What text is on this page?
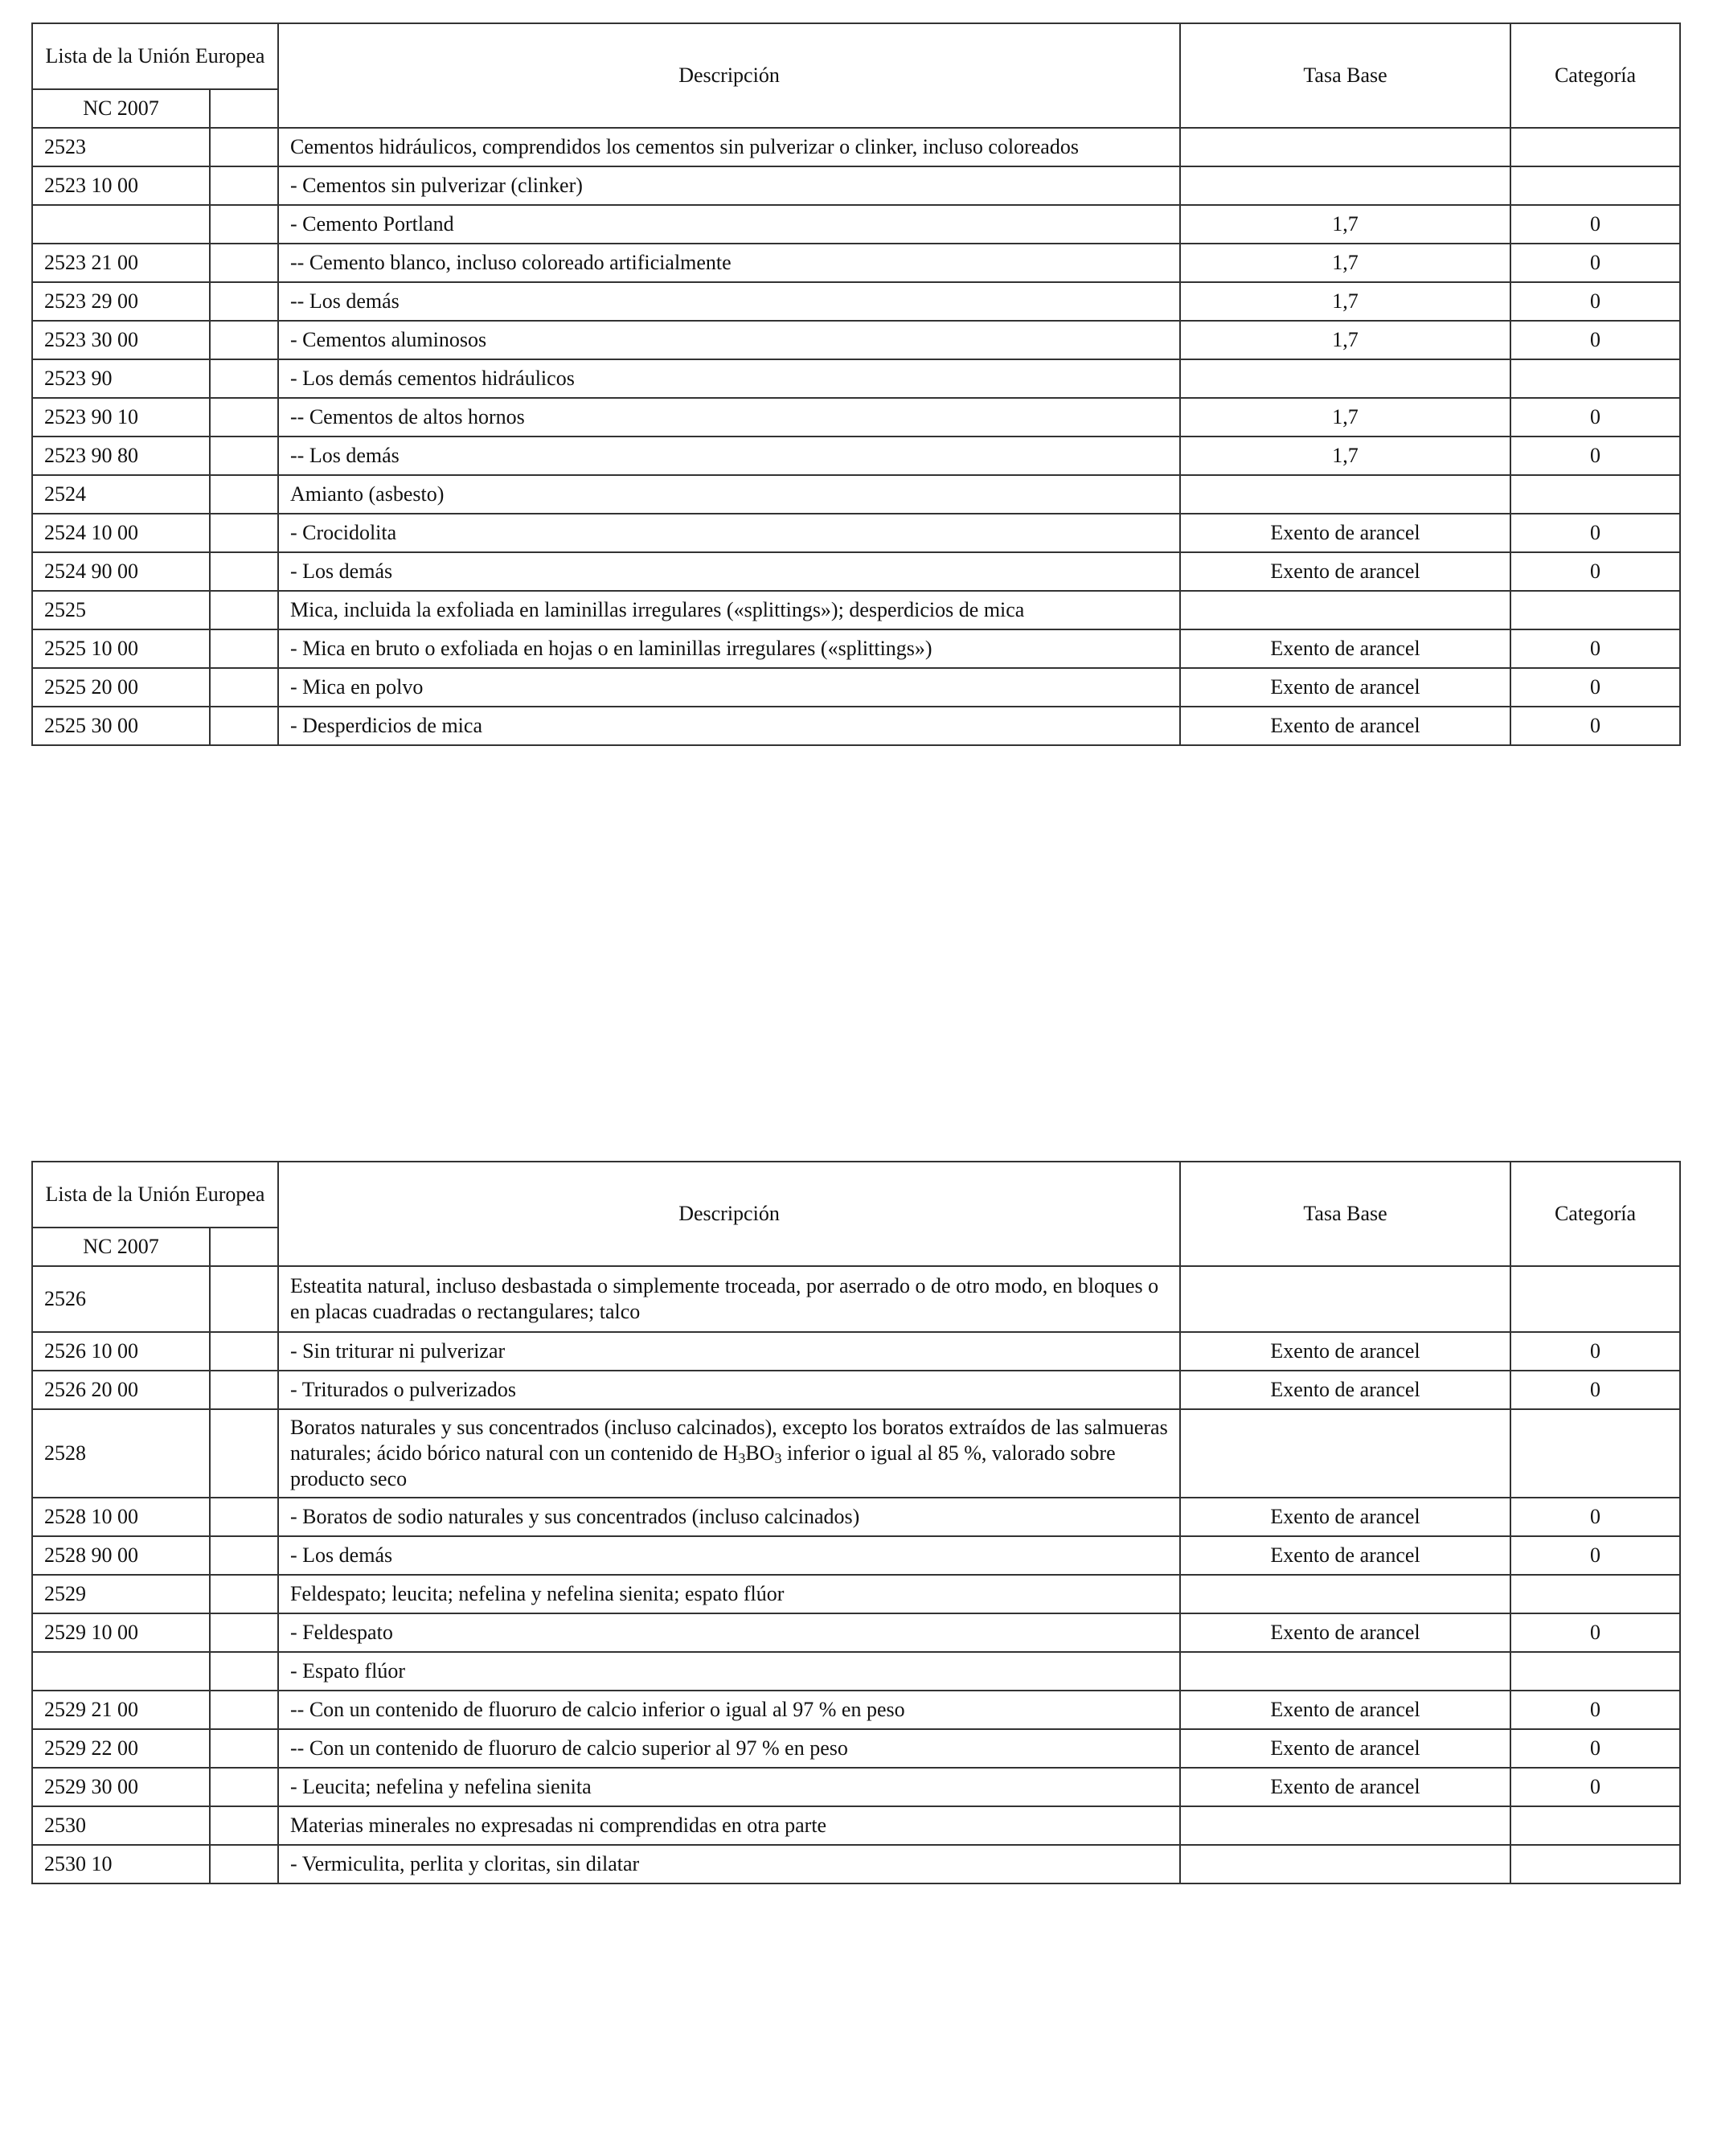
Lista de la Unión Europea		Descripción	Tasa Base	Categoría
NC 2007				
2523		Cementos hidráulicos, comprendidos los cementos sin pulverizar o clinker, incluso coloreados		
2523 10 00		- Cementos sin pulverizar (clinker)		
		- Cemento Portland	1,7	0
2523 21 00		-- Cemento blanco, incluso coloreado artificialmente	1,7	0
2523 29 00		-- Los demás	1,7	0
2523 30 00		- Cementos aluminosos	1,7	0
2523 90		- Los demás cementos hidráulicos		
2523 90 10		-- Cementos de altos hornos	1,7	0
2523 90 80		-- Los demás	1,7	0
2524		Amianto (asbesto)		
2524 10 00		- Crocidolita	Exento de arancel	0
2524 90 00		- Los demás	Exento de arancel	0
2525		Mica, incluida la exfoliada en laminillas irregulares («splittings»); desperdicios de mica		
2525 10 00		- Mica en bruto o exfoliada en hojas o en laminillas irregulares («splittings»)	Exento de arancel	0
2525 20 00		- Mica en polvo	Exento de arancel	0
2525 30 00		- Desperdicios de mica	Exento de arancel	0
Lista de la Unión Europea		Descripción	Tasa Base	Categoría
NC 2007				
2526		Esteatita natural, incluso desbastada o simplemente troceada, por aserrado o de otro modo, en bloques o en placas cuadradas o rectangulares; talco		
2526 10 00		- Sin triturar ni pulverizar	Exento de arancel	0
2526 20 00		- Triturados o pulverizados	Exento de arancel	0
2528		Boratos naturales y sus concentrados (incluso calcinados), excepto los boratos extraídos de las salmueras naturales; ácido bórico natural con un contenido de $H_3BO_3$ inferior o igual al 85 %, valorado sobre producto seco		
2528 10 00		- Boratos de sodio naturales y sus concentrados (incluso calcinados)	Exento de arancel	0
2528 90 00		- Los demás	Exento de arancel	0
2529		Feldespato; leucita; nefelina y nefelina sienita; espato flúor		
2529 10 00		- Feldespato	Exento de arancel	0
		- Espato flúor		
2529 21 00		-- Con un contenido de fluoruro de calcio inferior o igual al 97 % en peso	Exento de arancel	0
2529 22 00		-- Con un contenido de fluoruro de calcio superior al 97 % en peso	Exento de arancel	0
2529 30 00		- Leucita; nefelina y nefelina sienita	Exento de arancel	0
2530		Materias minerales no expresadas ni comprendidas en otra parte		
2530 10		- Vermiculita, perlita y cloritas, sin dilatar		
